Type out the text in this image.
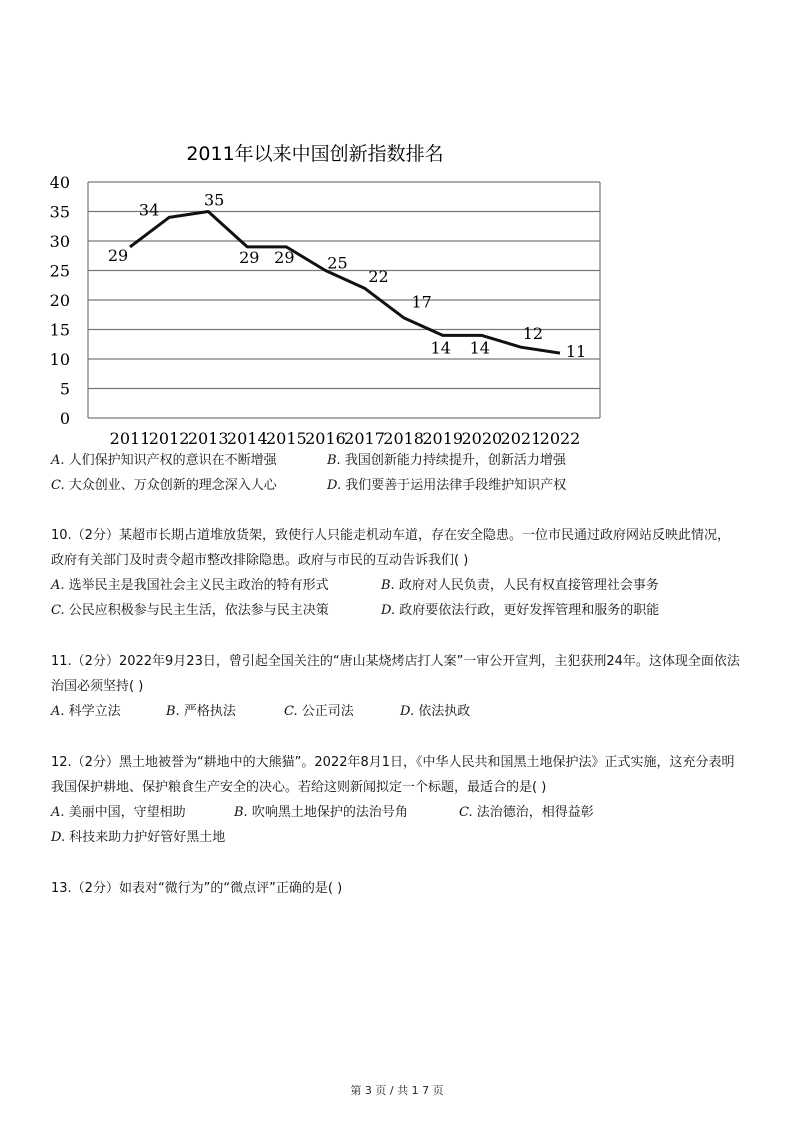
2011年以来中国创新指数排名
40
35
30
25
20
15
10
5
0
2011
2012
2013
2014
2015
2016
2017
2018
2019
2020
2021
2022
29
34
35
29 29 25
22
17
14 14
12
11
A. 人们保护知识产权的意识在不断增强	B. 我国创新能力持续提升，创新活力增强
C. 大众创业、万众创新的理念深入人心	D. 我们要善于运用法律手段维护知识产权
10.（2分）某超市长期占道堆放货架，致使行人只能走机动车道，存在安全隐患。一位市民通过政府网站反映此情况，
政府有关部门及时责令超市整改排除隐患。政府与市民的互动告诉我们( )
A. 选举民主是我国社会主义民主政治的特有形式	B. 政府对人民负责，人民有权直接管理社会事务
C. 公民应积极参与民主生活，依法参与民主决策	D. 政府要依法行政，更好发挥管理和服务的职能
11.（2分）2022年9月23日，曾引起全国关注的“唐山某烧烤店打人案”一审公开宣判，主犯获刑24年。这体现全面依法
治国必须坚持( )
A. 科学立法	B. 严格执法	C. 公正司法	D. 依法执政
12.（2分）黑土地被誉为“耕地中的大熊猫”。2022年8月1日，《中华人民共和国黑土地保护法》正式实施，这充分表明
我国保护耕地、保护粮食生产安全的决心。若给这则新闻拟定一个标题，最适合的是( )
A. 美丽中国，守望相助	B. 吹响黑土地保护的法治号角	C. 法治德治，相得益彰
D. 科技来助力护好管好黑土地
13.（2分）如表对“微行为”的“微点评”正确的是( )
第 3 页 / 共 1 7 页
